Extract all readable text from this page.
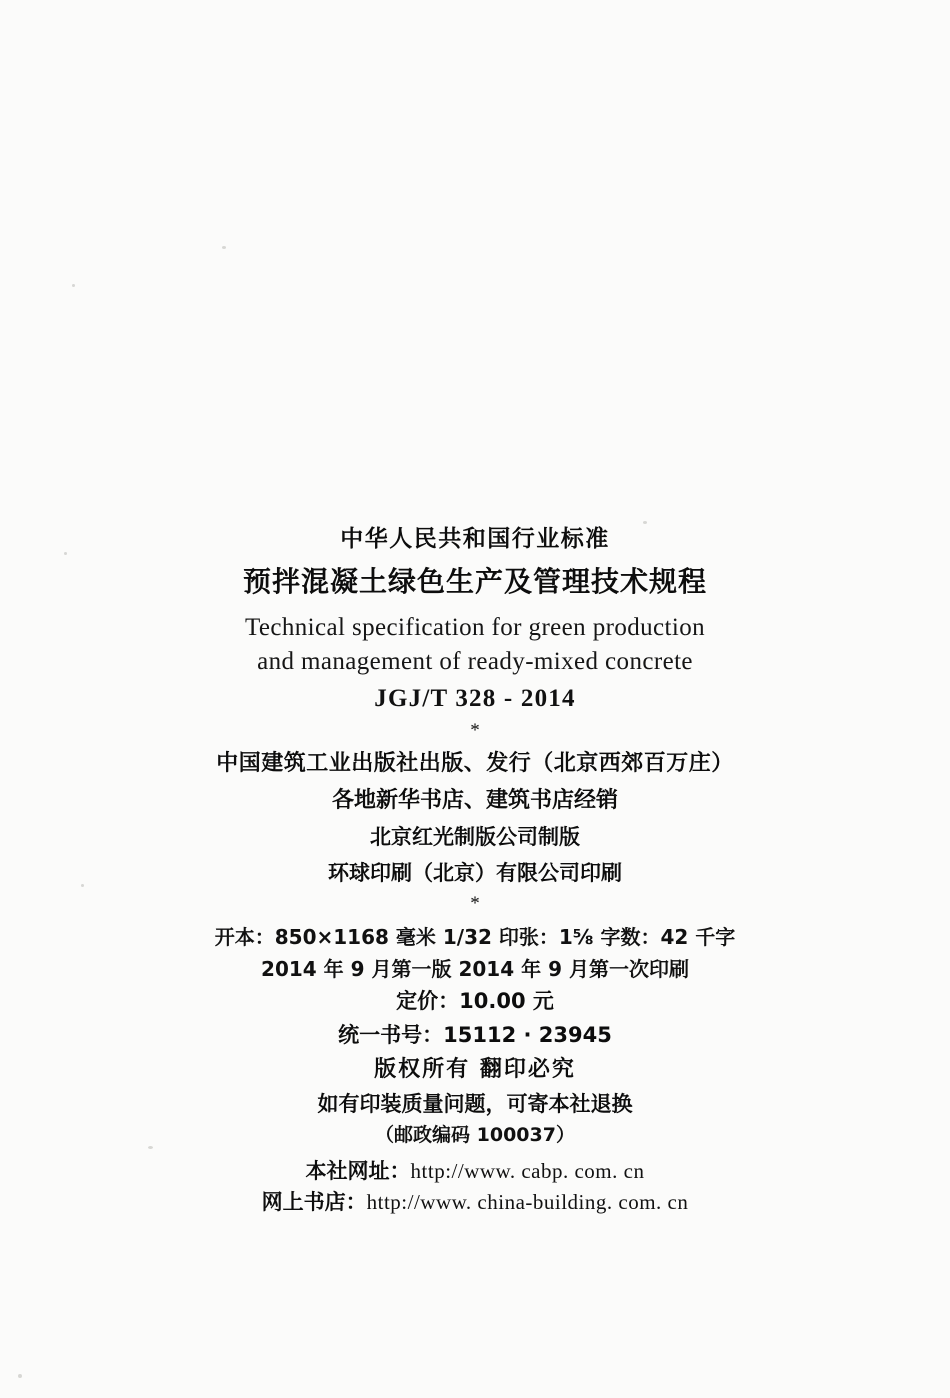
中华人民共和国行业标准
预拌混凝土绿色生产及管理技术规程
Technical specification for green production
and management of ready-mixed concrete
JGJ/T 328 - 2014
*
中国建筑工业出版社出版、发行（北京西郊百万庄）
各地新华书店、建筑书店经销
北京红光制版公司制版
环球印刷（北京）有限公司印刷
*
开本：850×1168 毫米 1/32 印张：1⅝ 字数：42 千字
2014 年 9 月第一版 2014 年 9 月第一次印刷
定价：10.00 元
统一书号：15112 · 23945
版权所有 翻印必究
如有印装质量问题，可寄本社退换
（邮政编码 100037）
本社网址：http://www. cabp. com. cn
网上书店：http://www. china-building. com. cn
